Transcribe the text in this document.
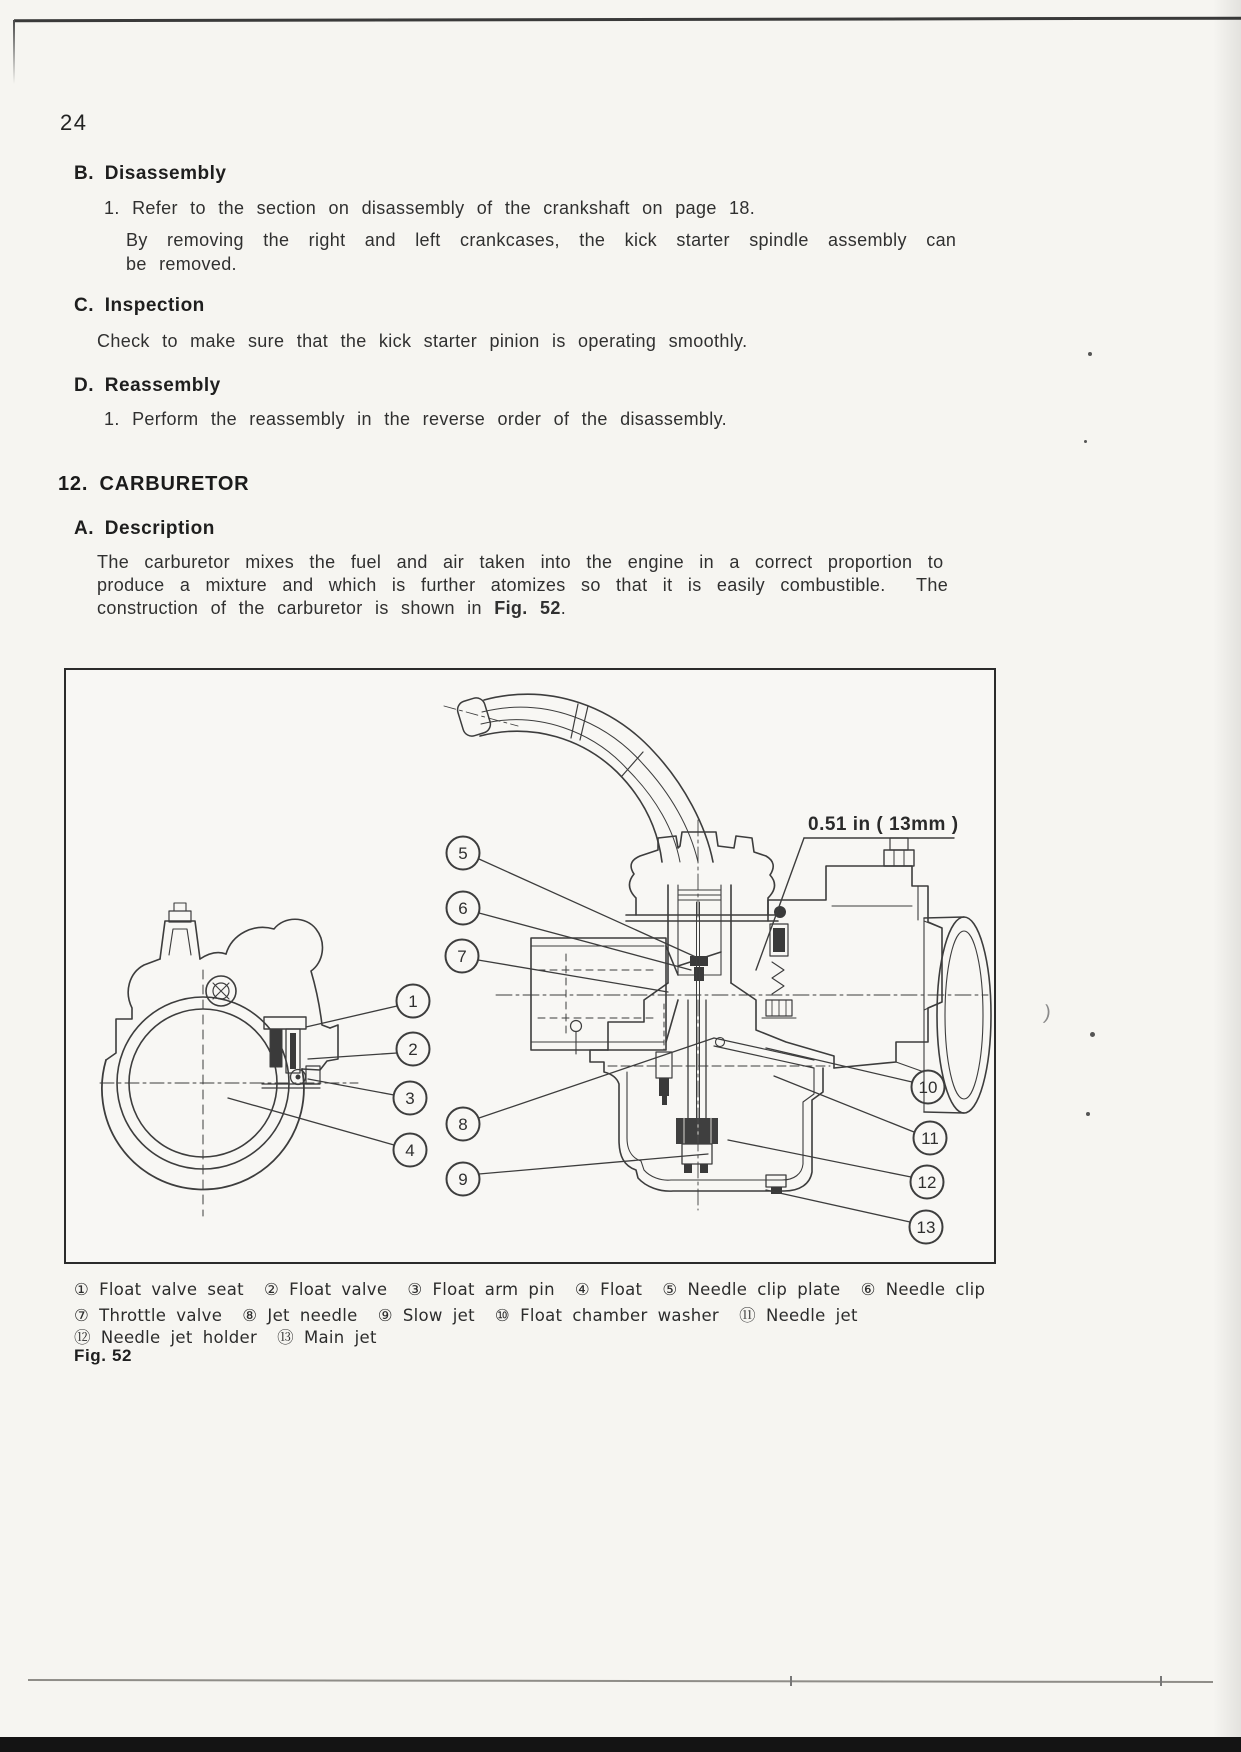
24
B. Disassembly
1. Refer to the section on disassembly of the crankshaft on page 18.
By removing the right and left crankcases, the kick starter spindle assembly can
be removed.
C. Inspection
Check to make sure that the kick starter pinion is operating smoothly.
D. Reassembly
1. Perform the reassembly in the reverse order of the disassembly.
12. CARBURETOR
A. Description
The carburetor mixes the fuel and air taken into the engine in a correct proportion to
produce a mixture and which is further atomizes so that it is easily combustible.  The
construction of the carburetor is shown in Fig. 52.
1
2
3
4
5
6
7
8
9
10
11
12
13
0.51 in ( 13mm )
① Float valve seat  ② Float valve  ③ Float arm pin  ④ Float  ⑤ Needle clip plate  ⑥ Needle clip
⑦ Throttle valve  ⑧ Jet needle  ⑨ Slow jet  ⑩ Float chamber washer  ⑪ Needle jet
⑫ Needle jet holder  ⑬ Main jet
Fig. 52
)
